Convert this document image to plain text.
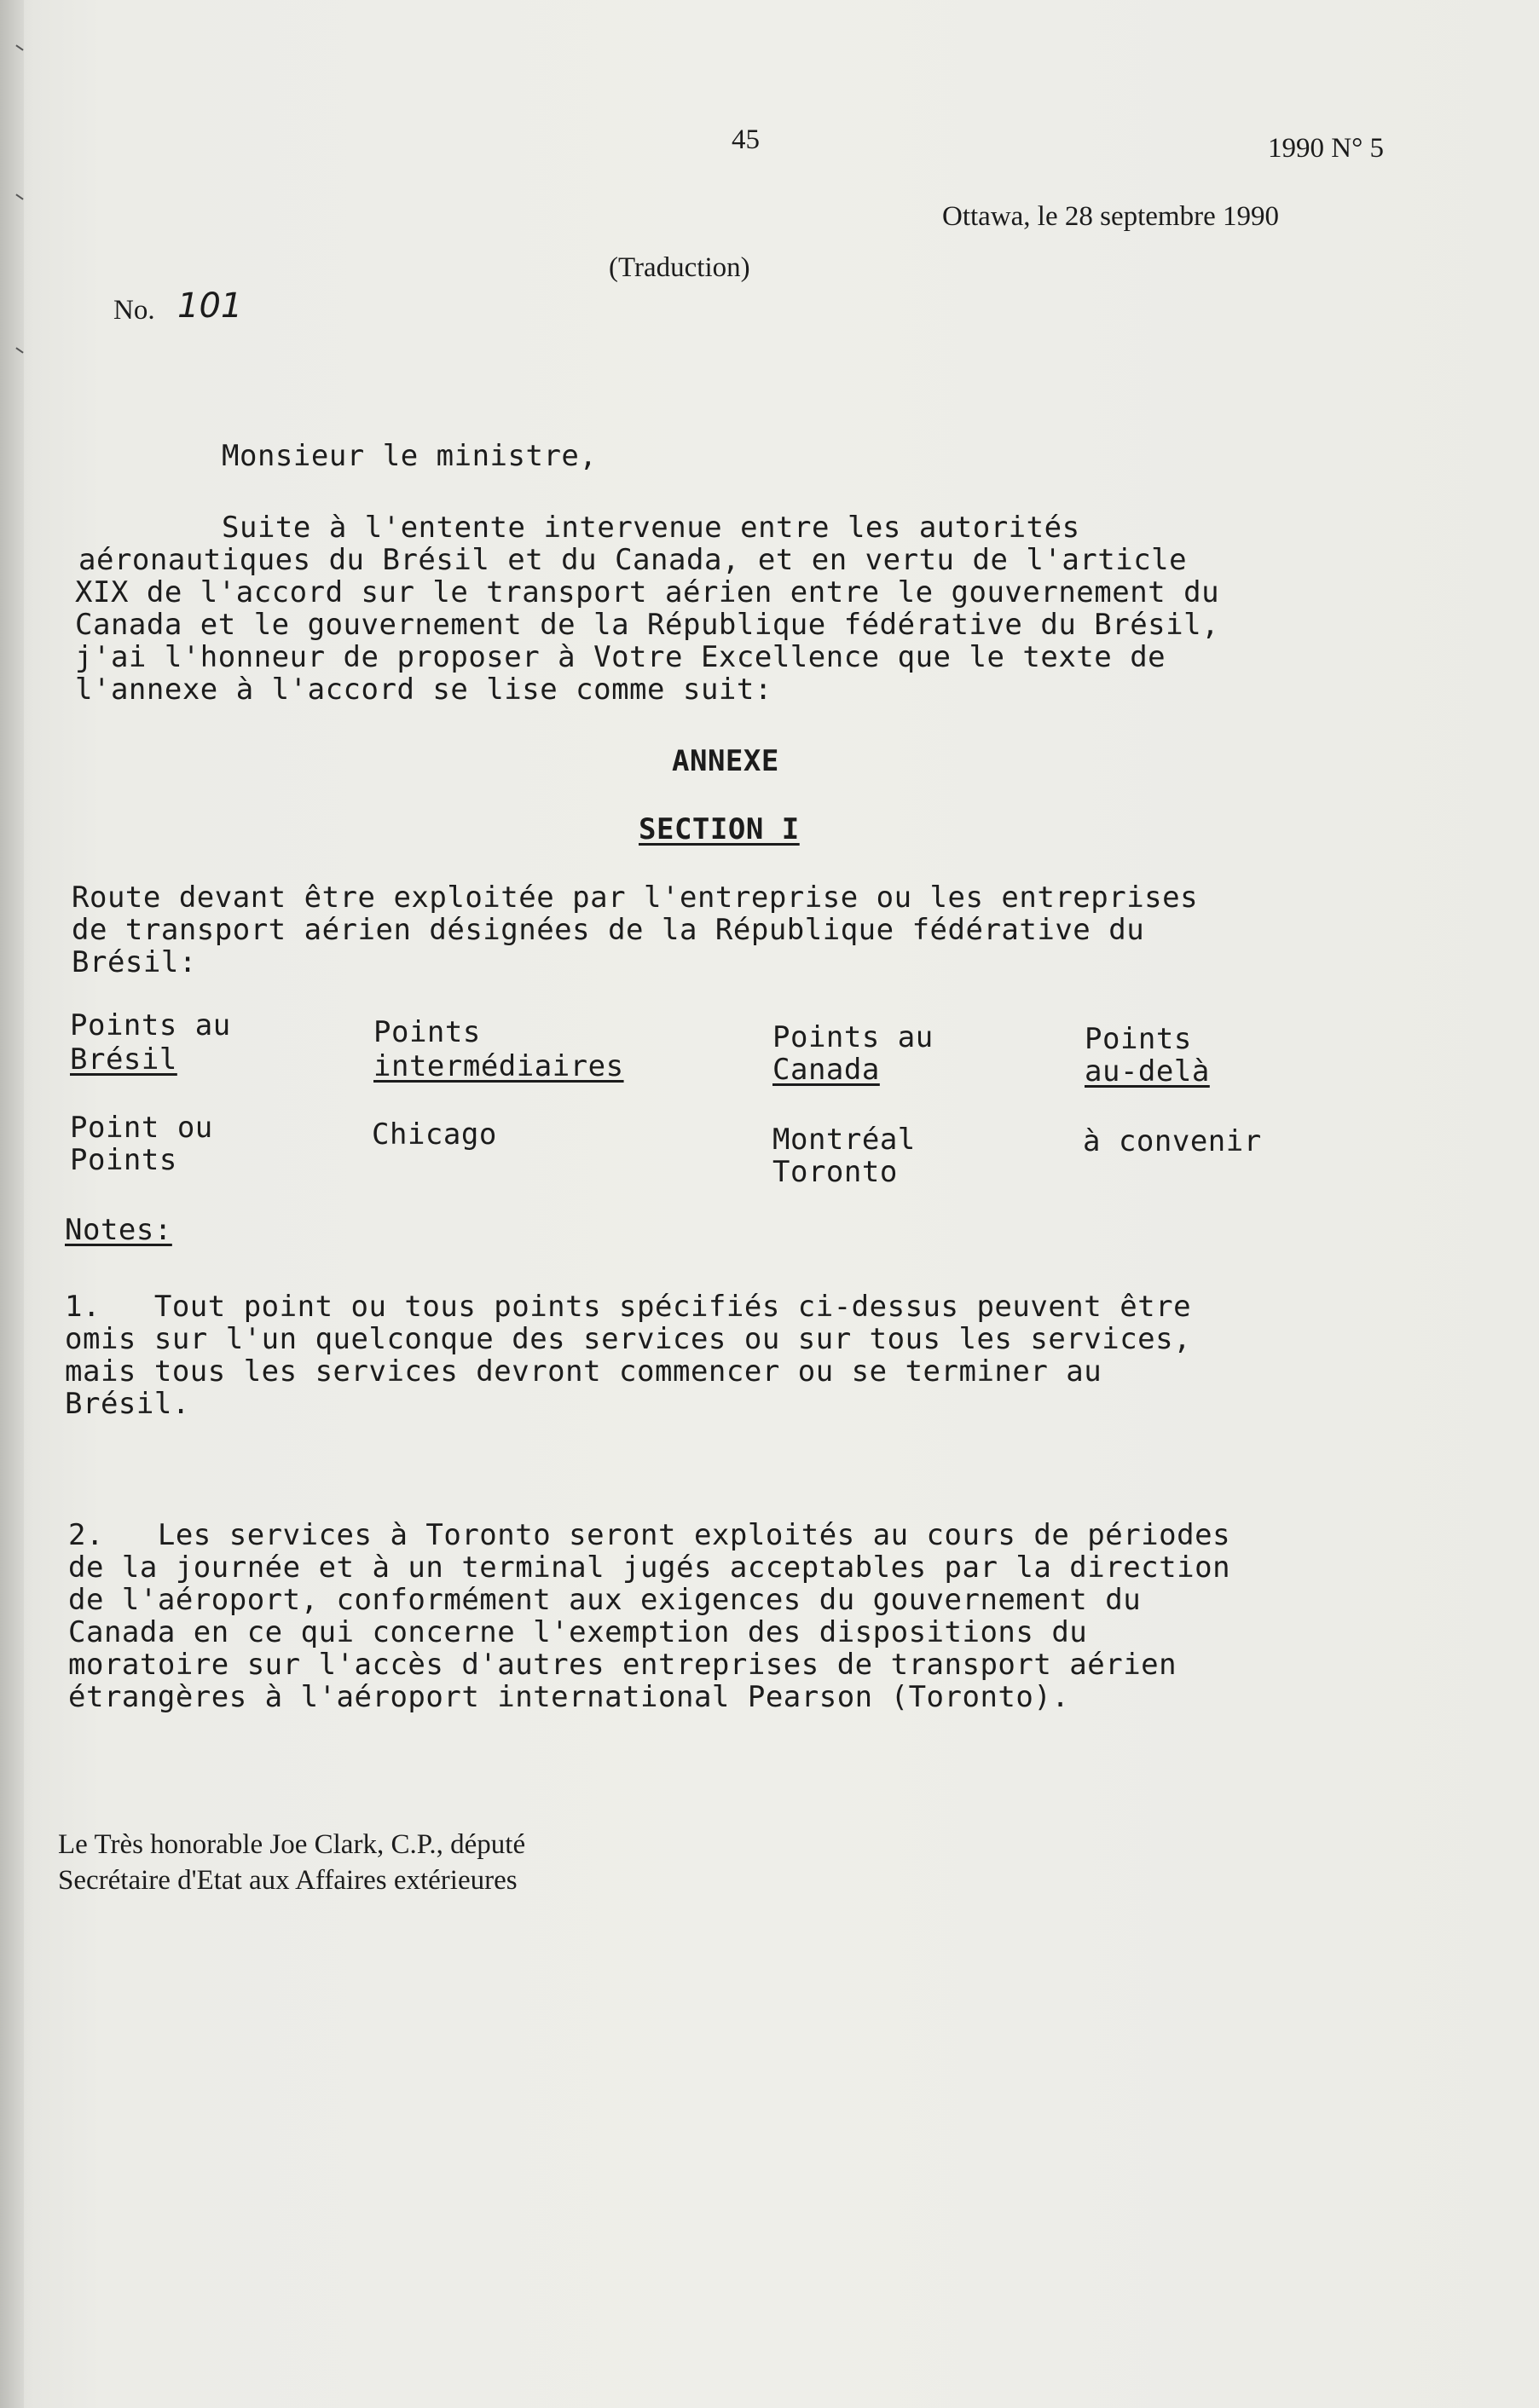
45	1990 N° 5
Ottawa, le 28 septembre 1990
(Traduction)
No. 101
Monsieur le ministre,
Suite à l'entente intervenue entre les autorités
aéronautiques du Brésil et du Canada, et en vertu de l'article
XIX de l'accord sur le transport aérien entre le gouvernement du
Canada et le gouvernement de la République fédérative du Brésil,
j'ai l'honneur de proposer à Votre Excellence que le texte de
l'annexe à l'accord se lise comme suit:
ANNEXE
SECTION I
Route devant être exploitée par l'entreprise ou les entreprises
de transport aérien désignées de la République fédérative du
Brésil:
Points au
Brésil
Points
intermédiaires
Points au
Canada
Points
au-delà
Point ou
Points
Chicago	Montréal
Toronto
à convenir
Notes:
1.   Tout point ou tous points spécifiés ci-dessus peuvent être
omis sur l'un quelconque des services ou sur tous les services,
mais tous les services devront commencer ou se terminer au
Brésil.
2.   Les services à Toronto seront exploités au cours de périodes
de la journée et à un terminal jugés acceptables par la direction
de l'aéroport, conformément aux exigences du gouvernement du
Canada en ce qui concerne l'exemption des dispositions du
moratoire sur l'accès d'autres entreprises de transport aérien
étrangères à l'aéroport international Pearson (Toronto).
Le Très honorable Joe Clark, C.P., député
Secrétaire d'Etat aux Affaires extérieures
